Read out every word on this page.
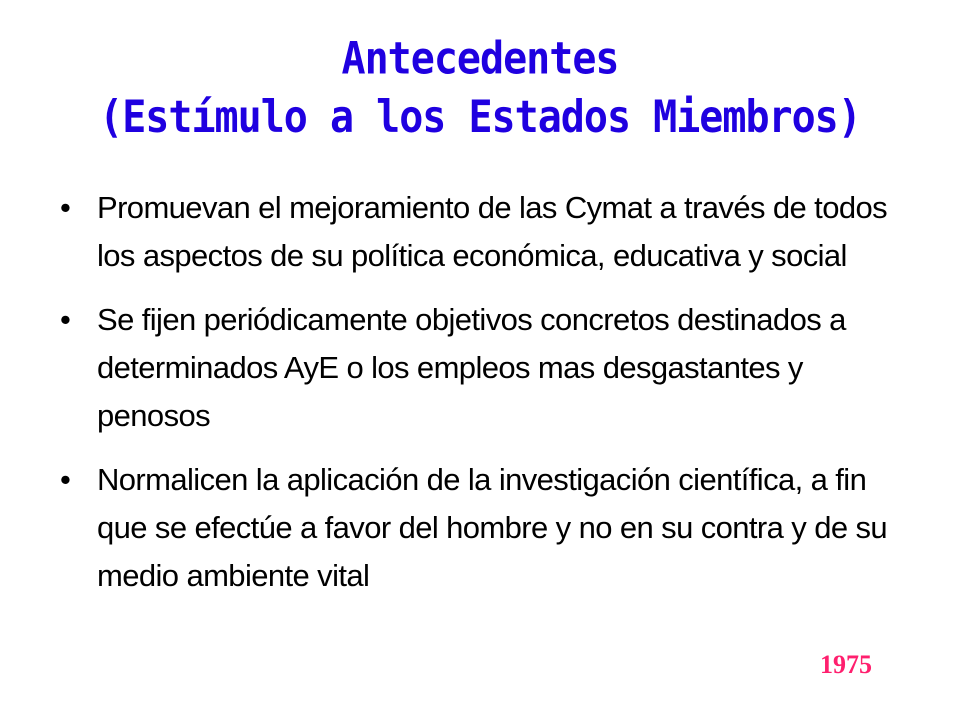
Antecedentes
(Estímulo a los Estados Miembros)
• Promuevan el mejoramiento de las Cymat a través de todos los aspectos de su política económica, educativa y social
• Se fijen periódicamente objetivos concretos destinados a determinados AyE o los empleos mas desgastantes y penosos
• Normalicen la aplicación de la investigación científica, a fin que se efectúe a favor del hombre y no en su contra y de su medio ambiente vital
1975
